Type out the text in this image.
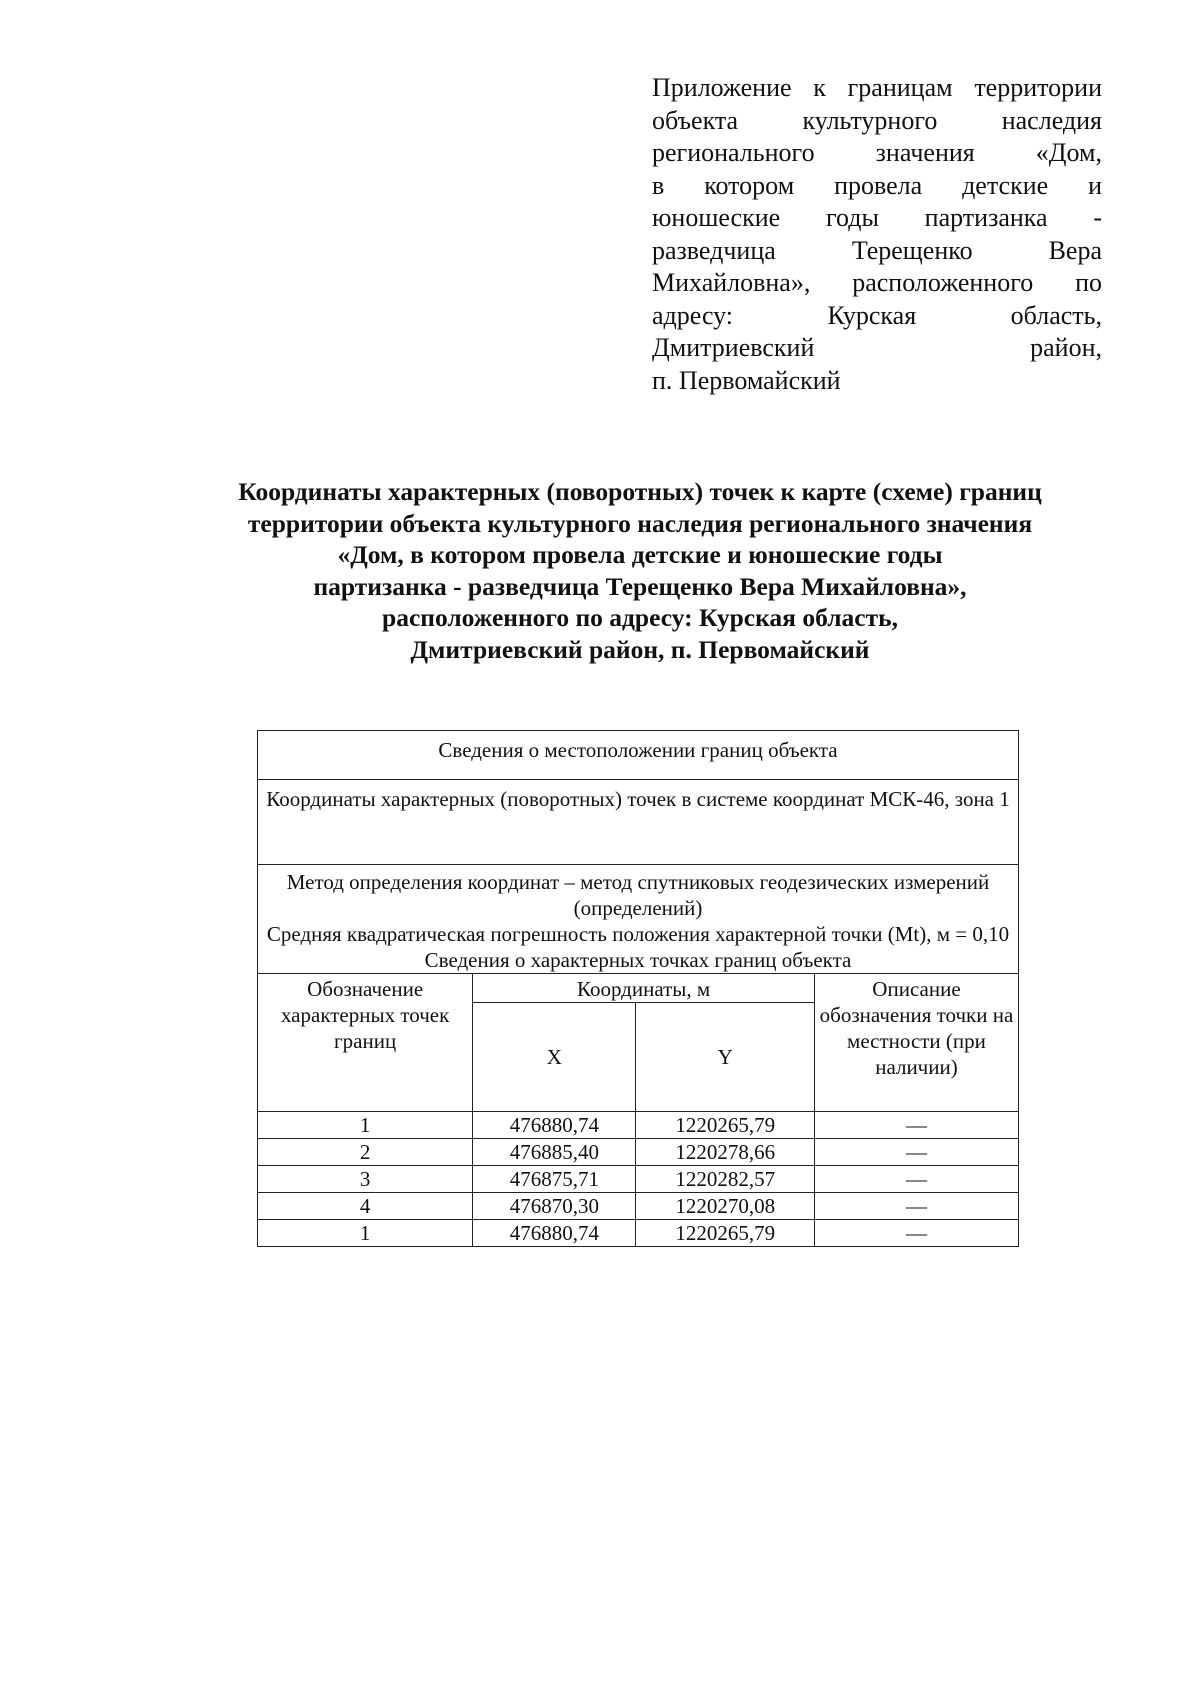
Приложение к границам территории
объекта культурного наследия
регионального значения «Дом,
в котором провела детские и
юношеские годы партизанка -
разведчица Терещенко Вера
Михайловна», расположенного по
адресу: Курская область,
Дмитриевский район,
п. Первомайский
Координаты характерных (поворотных) точек к карте (схеме) границ
территории объекта культурного наследия регионального значения
«Дом, в котором провела детские и юношеские годы
партизанка - разведчица Терещенко Вера Михайловна»,
расположенного по адресу: Курская область,
Дмитриевский район, п. Первомайский
Сведения о местоположении границ объекта			
Координаты характерных (поворотных) точек в системе координат МСК-46, зона 1			

Метод определения координат – метод спутниковых геодезических измерений (определений)
Средняя квадратическая погрешность положения характерной точки (Mt), м = 0,10
Сведения о характерных точках границ объекта			

Обозначение характерных точек границ	Координаты, м		Описание обозначения точки на местности (при наличии)
	X	Y	
1	476880,74	1220265,79	—
2	476885,40	1220278,66	—
3	476875,71	1220282,57	—
4	476870,30	1220270,08	—
1	476880,74	1220265,79	—
